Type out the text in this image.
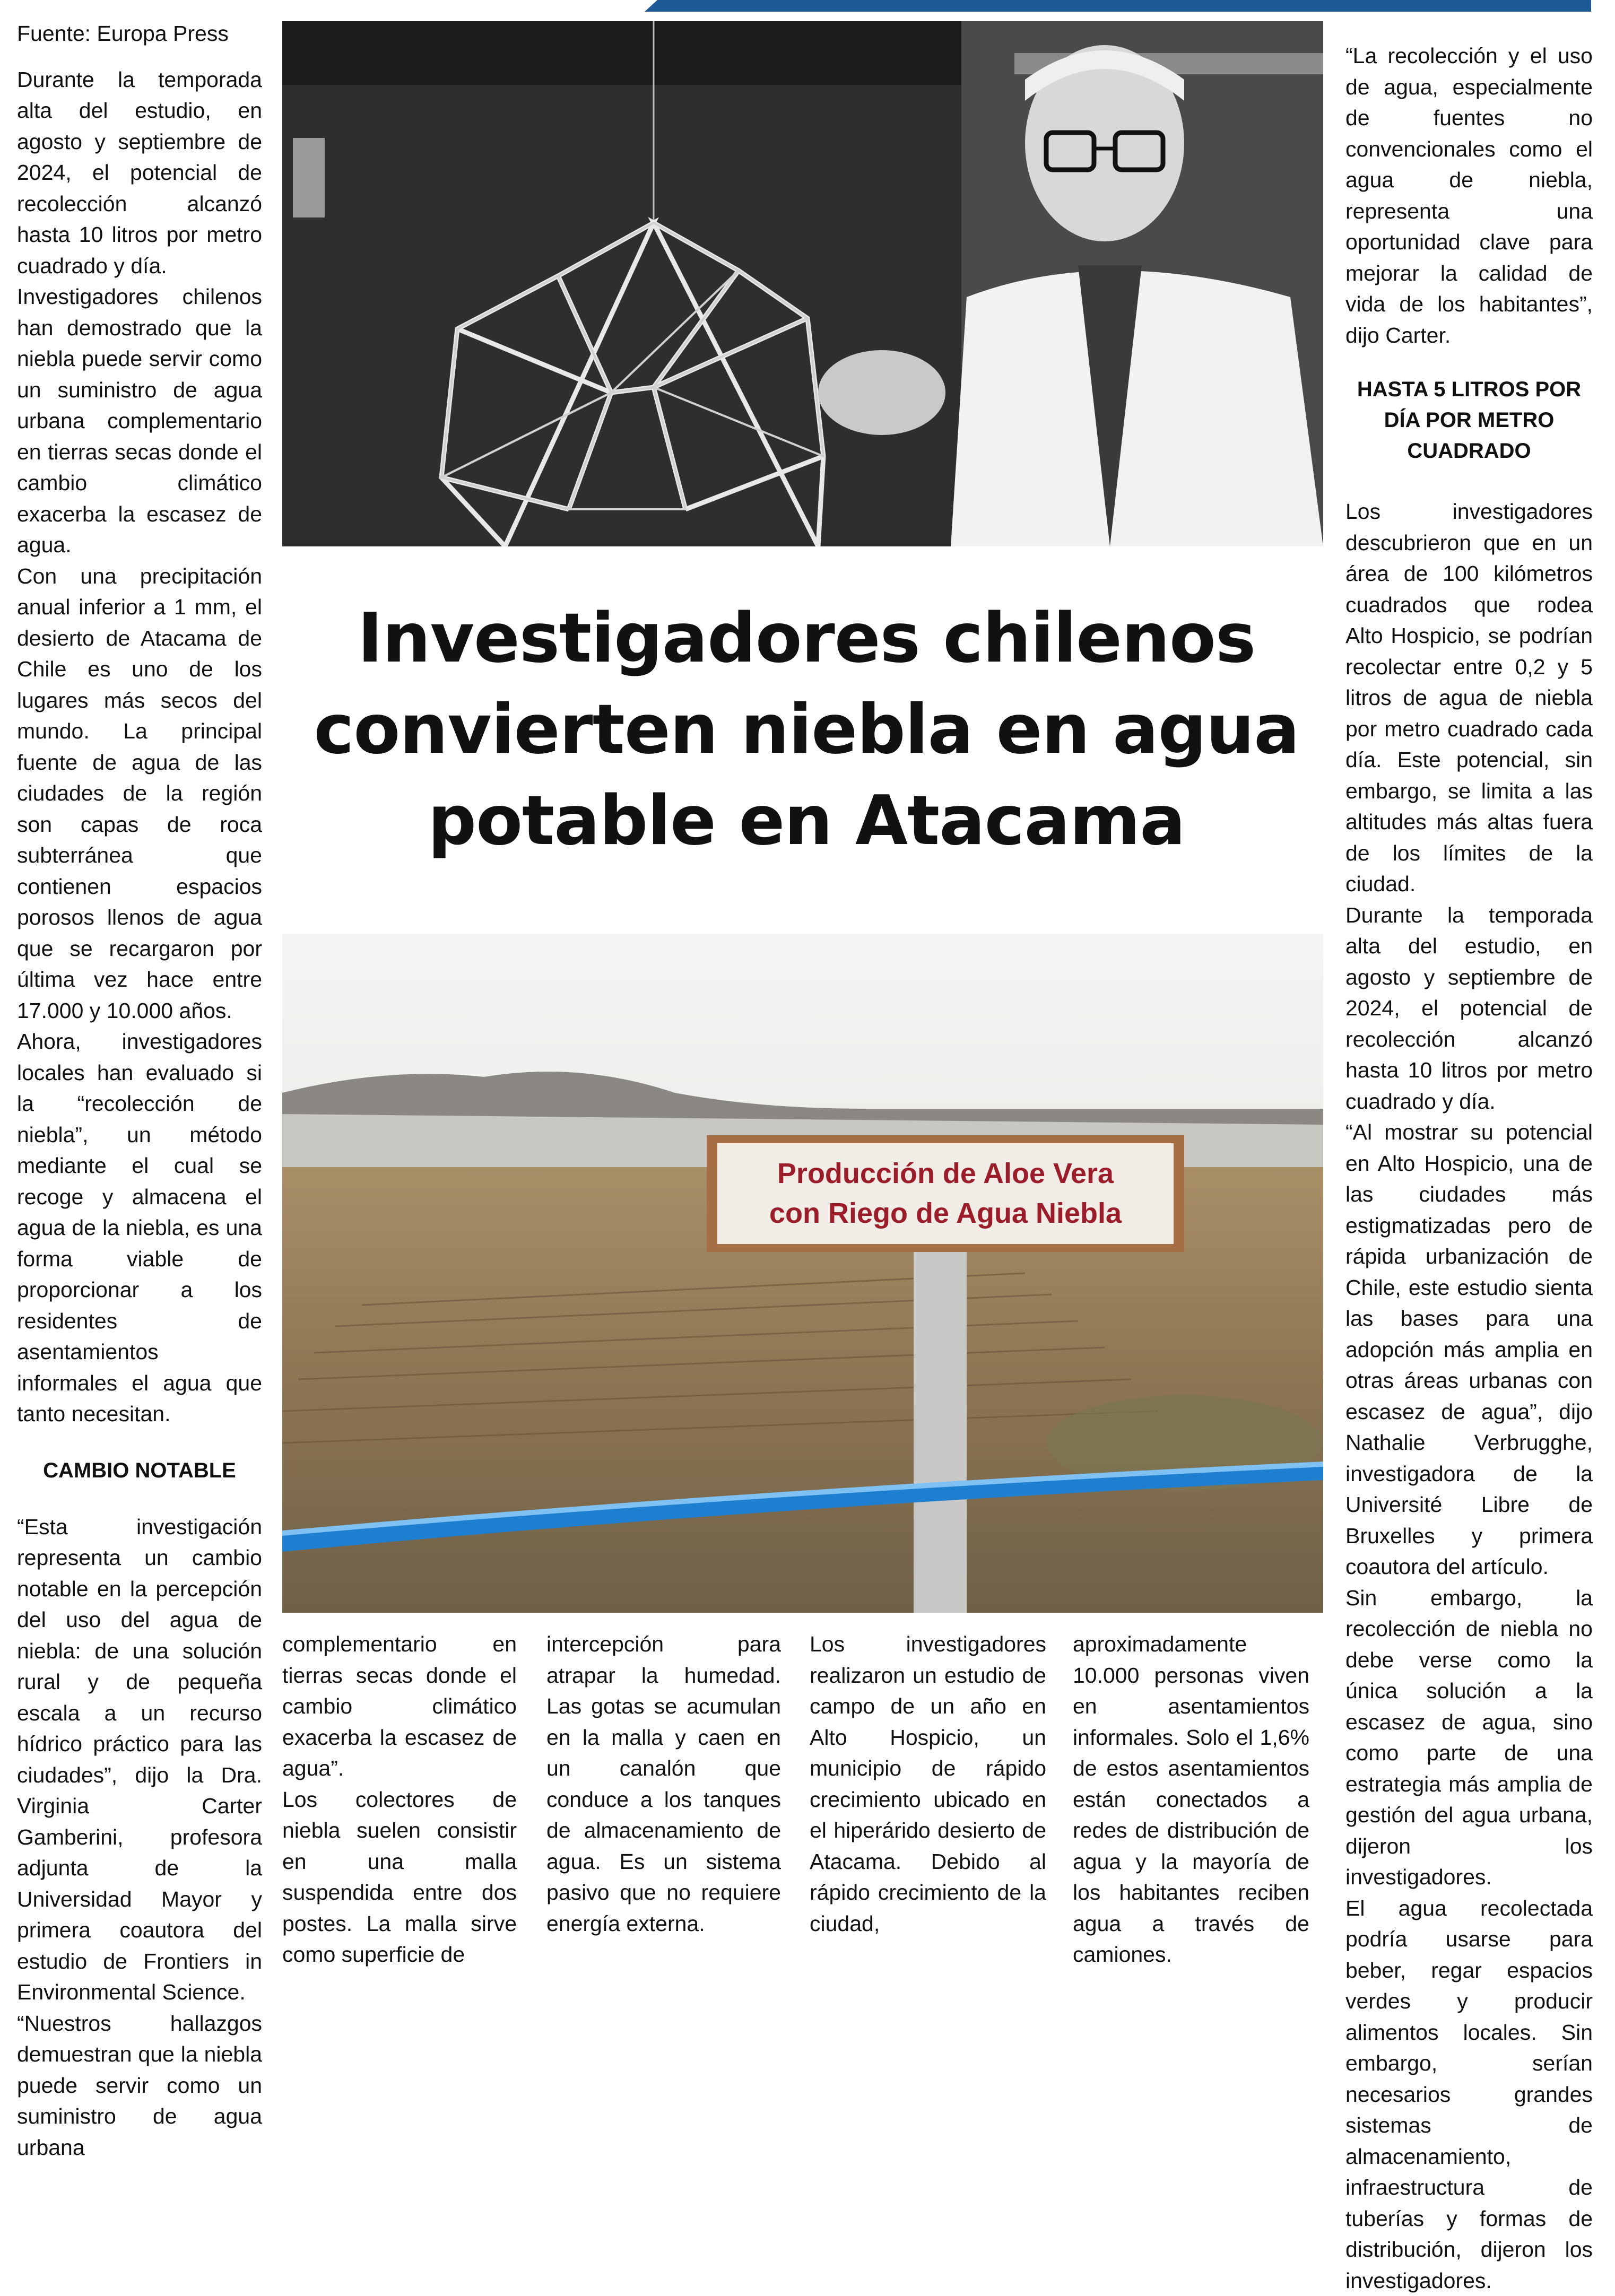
Fuente: Europa Press

Durante la temporada alta del estudio, en agosto y septiembre de 2024, el potencial de recolección alcanzó hasta 10 litros por metro cuadrado y día.

Investigadores chilenos han demostrado que la niebla puede servir como un suministro de agua urbana complementario en tierras secas donde el cambio climático exacerba la escasez de agua.

Con una precipitación anual inferior a 1 mm, el desierto de Atacama de Chile es uno de los lugares más secos del mundo. La principal fuente de agua de las ciudades de la región son capas de roca subterránea que contienen espacios porosos llenos de agua que se recargaron por última vez hace entre 17.000 y 10.000 años.

Ahora, investigadores locales han evaluado si la “recolección de niebla”, un método mediante el cual se recoge y almacena el agua de la niebla, es una forma viable de proporcionar a los residentes de asentamientos informales el agua que tanto necesitan.

CAMBIO NOTABLE

“Esta investigación representa un cambio notable en la percepción del uso del agua de niebla: de una solución rural y de pequeña escala a un recurso hídrico práctico para las ciudades”, dijo la Dra. Virginia Carter Gamberini, profesora adjunta de la Universidad Mayor y primera coautora del estudio de Frontiers in Environmental Science.

“Nuestros hallazgos demuestran que la niebla puede servir como un suministro de agua urbana

Investigadores chilenos convierten niebla en agua potable en Atacama
Producción de Aloe Vera
con Riego de Agua Niebla

complementario en tierras secas donde el cambio climático exacerba la escasez de agua”.

Los colectores de niebla suelen consistir en una malla suspendida entre dos postes. La malla sirve como superficie de

intercepción para atrapar la humedad. Las gotas se acumulan en la malla y caen en un canalón que conduce a los tanques de almacenamiento de agua. Es un sistema pasivo que no requiere energía externa.

Los investigadores realizaron un estudio de campo de un año en Alto Hospicio, un municipio de rápido crecimiento ubicado en el hiperárido desierto de Atacama. Debido al rápido crecimiento de la ciudad,

aproximadamente 10.000 personas viven en asentamientos informales. Solo el 1,6% de estos asentamientos están conectados a redes de distribución de agua y la mayoría de los habitantes reciben agua a través de camiones.

“La recolección y el uso de agua, especialmente de fuentes no convencionales como el agua de niebla, representa una oportunidad clave para mejorar la calidad de vida de los habitantes”, dijo Carter.

HASTA 5 LITROS POR DÍA POR METRO CUADRADO

Los investigadores descubrieron que en un área de 100 kilómetros cuadrados que rodea Alto Hospicio, se podrían recolectar entre 0,2 y 5 litros de agua de niebla por metro cuadrado cada día. Este potencial, sin embargo, se limita a las altitudes más altas fuera de los límites de la ciudad.

Durante la temporada alta del estudio, en agosto y septiembre de 2024, el potencial de recolección alcanzó hasta 10 litros por metro cuadrado y día.

“Al mostrar su potencial en Alto Hospicio, una de las ciudades más estigmatizadas pero de rápida urbanización de Chile, este estudio sienta las bases para una adopción más amplia en otras áreas urbanas con escasez de agua”, dijo Nathalie Verbrugghe, investigadora de la Université Libre de Bruxelles y primera coautora del artículo.

Sin embargo, la recolección de niebla no debe verse como la única solución a la escasez de agua, sino como parte de una estrategia más amplia de gestión del agua urbana, dijeron los investigadores.

El agua recolectada podría usarse para beber, regar espacios verdes y producir alimentos locales. Sin embargo, serían necesarios grandes sistemas de almacenamiento, infraestructura de tuberías y formas de distribución, dijeron los investigadores.
